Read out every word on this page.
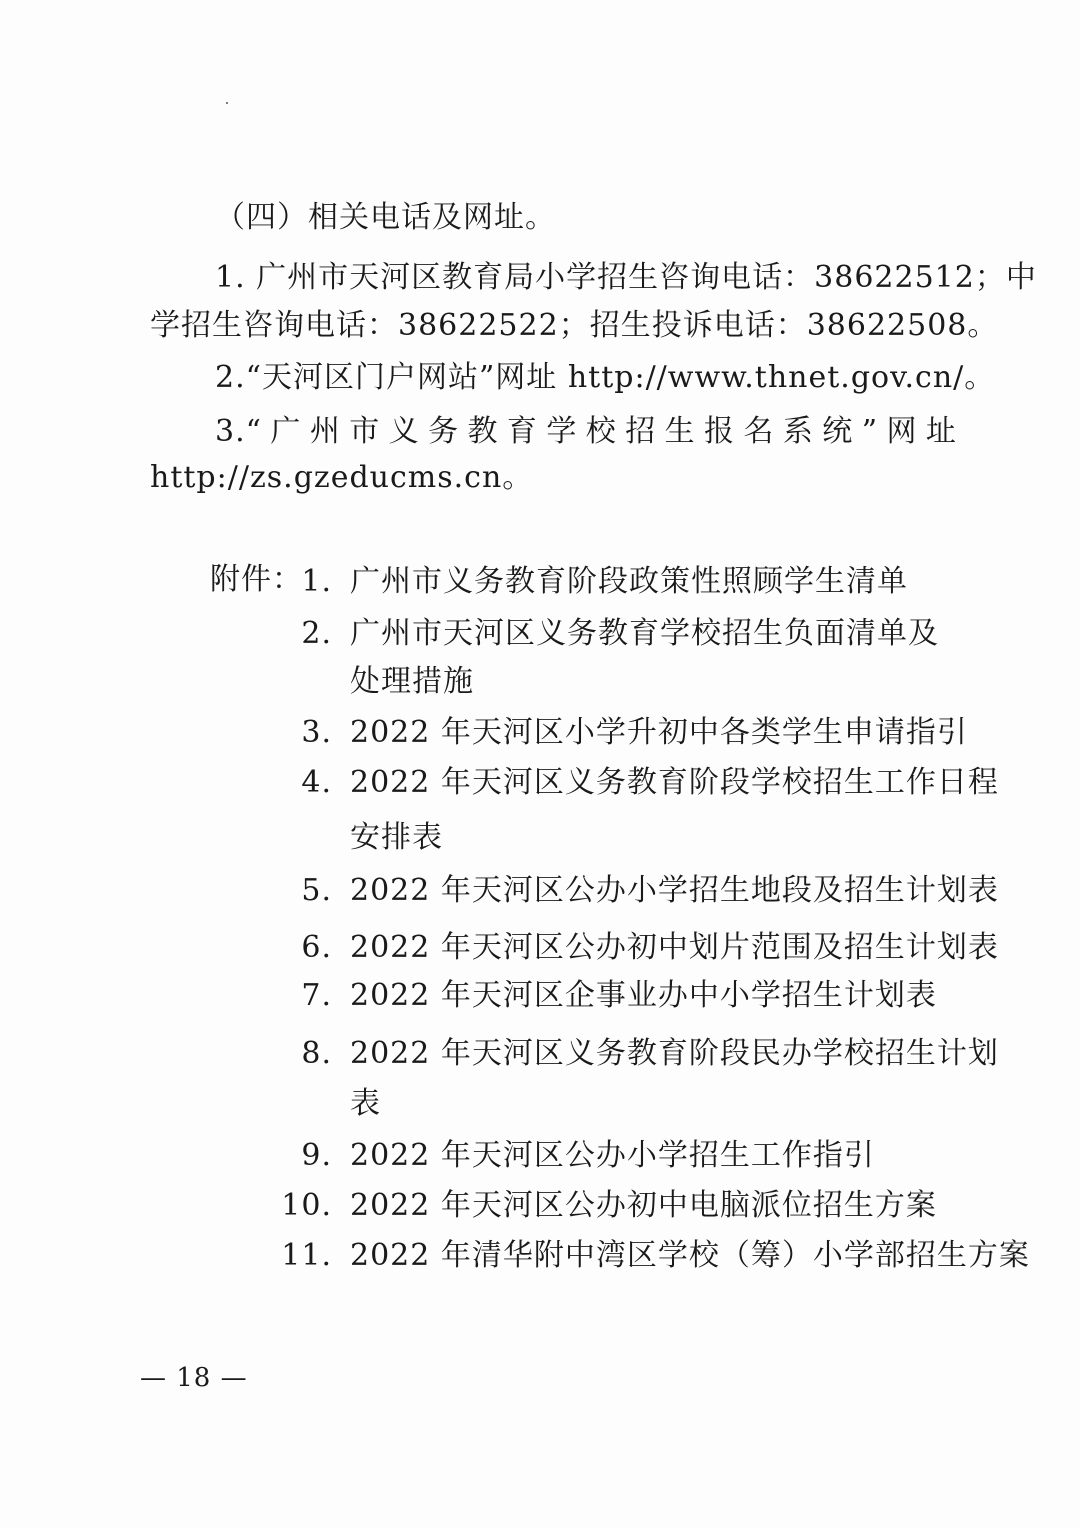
（四）相关电话及网址。
1. 广州市天河区教育局小学招生咨询电话：38622512；中
学招生咨询电话：38622522；招生投诉电话：38622508。
2.“天河区门户网站”网址 http://www.thnet.gov.cn/。
3.“ 广 州 市 义 务 教 育 学 校 招 生 报 名 系 统 ” 网 址
http://zs.gzeducms.cn。
附件：
1. 广州市义务教育阶段政策性照顾学生清单
2. 广州市天河区义务教育学校招生负面清单及
处理措施
3. 2022 年天河区小学升初中各类学生申请指引
4. 2022 年天河区义务教育阶段学校招生工作日程
安排表
5. 2022 年天河区公办小学招生地段及招生计划表
6. 2022 年天河区公办初中划片范围及招生计划表
7. 2022 年天河区企事业办中小学招生计划表
8. 2022 年天河区义务教育阶段民办学校招生计划
表
9. 2022 年天河区公办小学招生工作指引
10. 2022 年天河区公办初中电脑派位招生方案
11. 2022 年清华附中湾区学校（筹）小学部招生方案
— 18 —
